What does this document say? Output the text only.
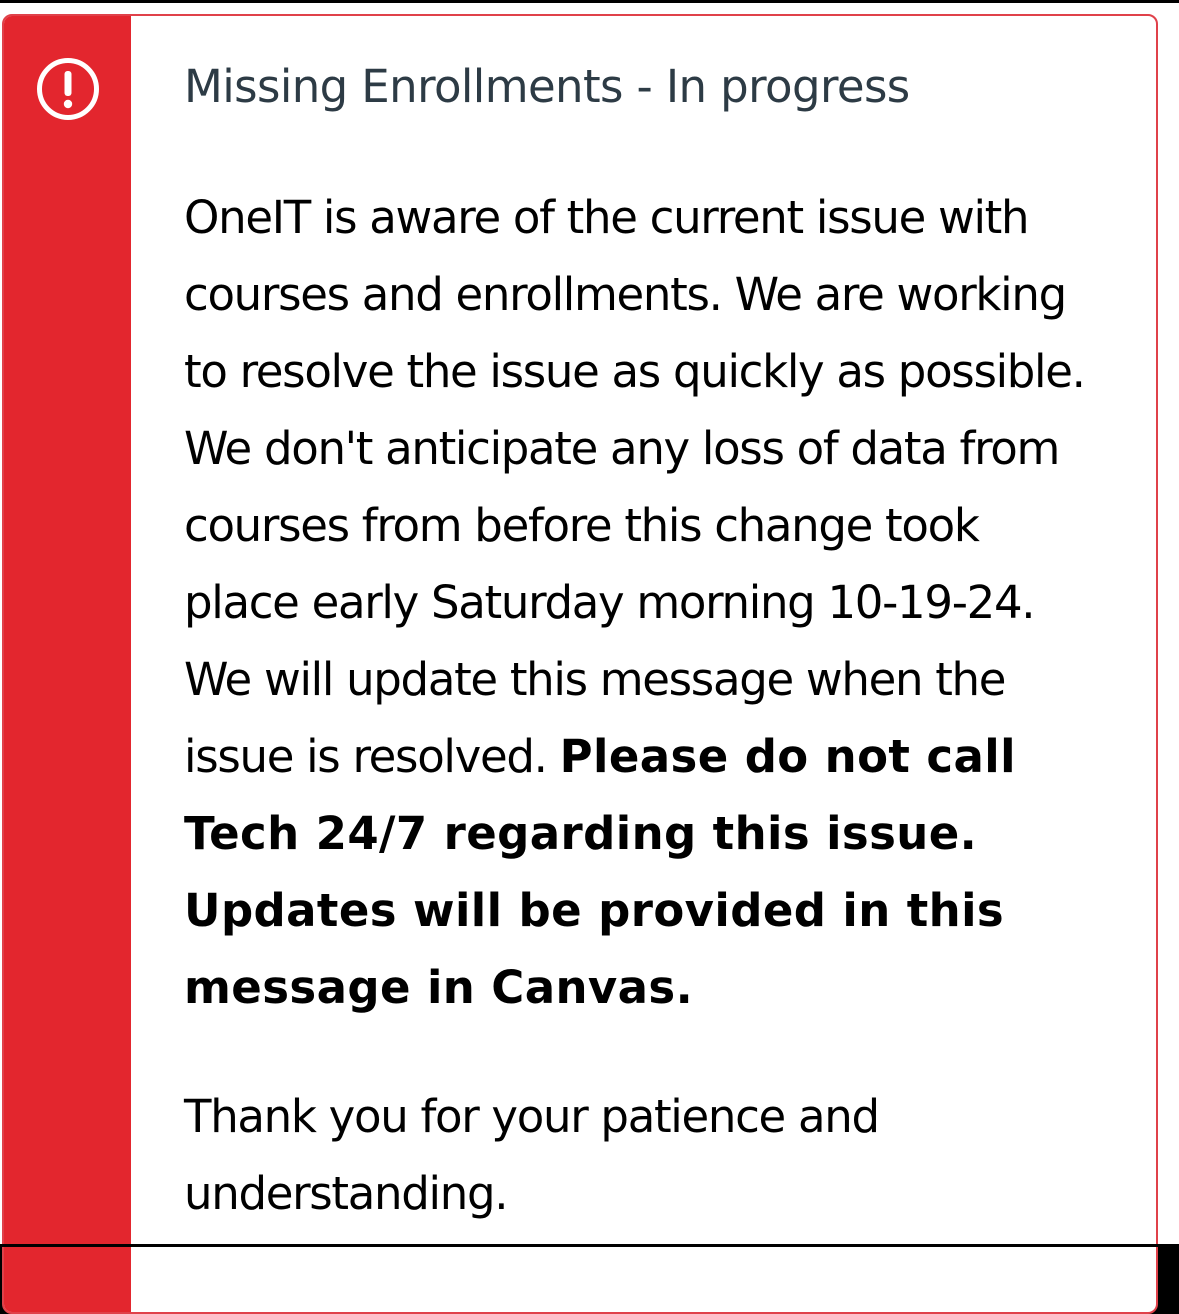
Missing Enrollments - In progress

OneIT is aware of the current issue with
courses and enrollments. We are working
to resolve the issue as quickly as possible.
We don't anticipate any loss of data from
courses from before this change took
place early Saturday morning 10-19-24.
We will update this message when the
issue is resolved. Please do not call
Tech 24/7 regarding this issue.
Updates will be provided in this
message in Canvas.

Thank you for your patience and
understanding.
